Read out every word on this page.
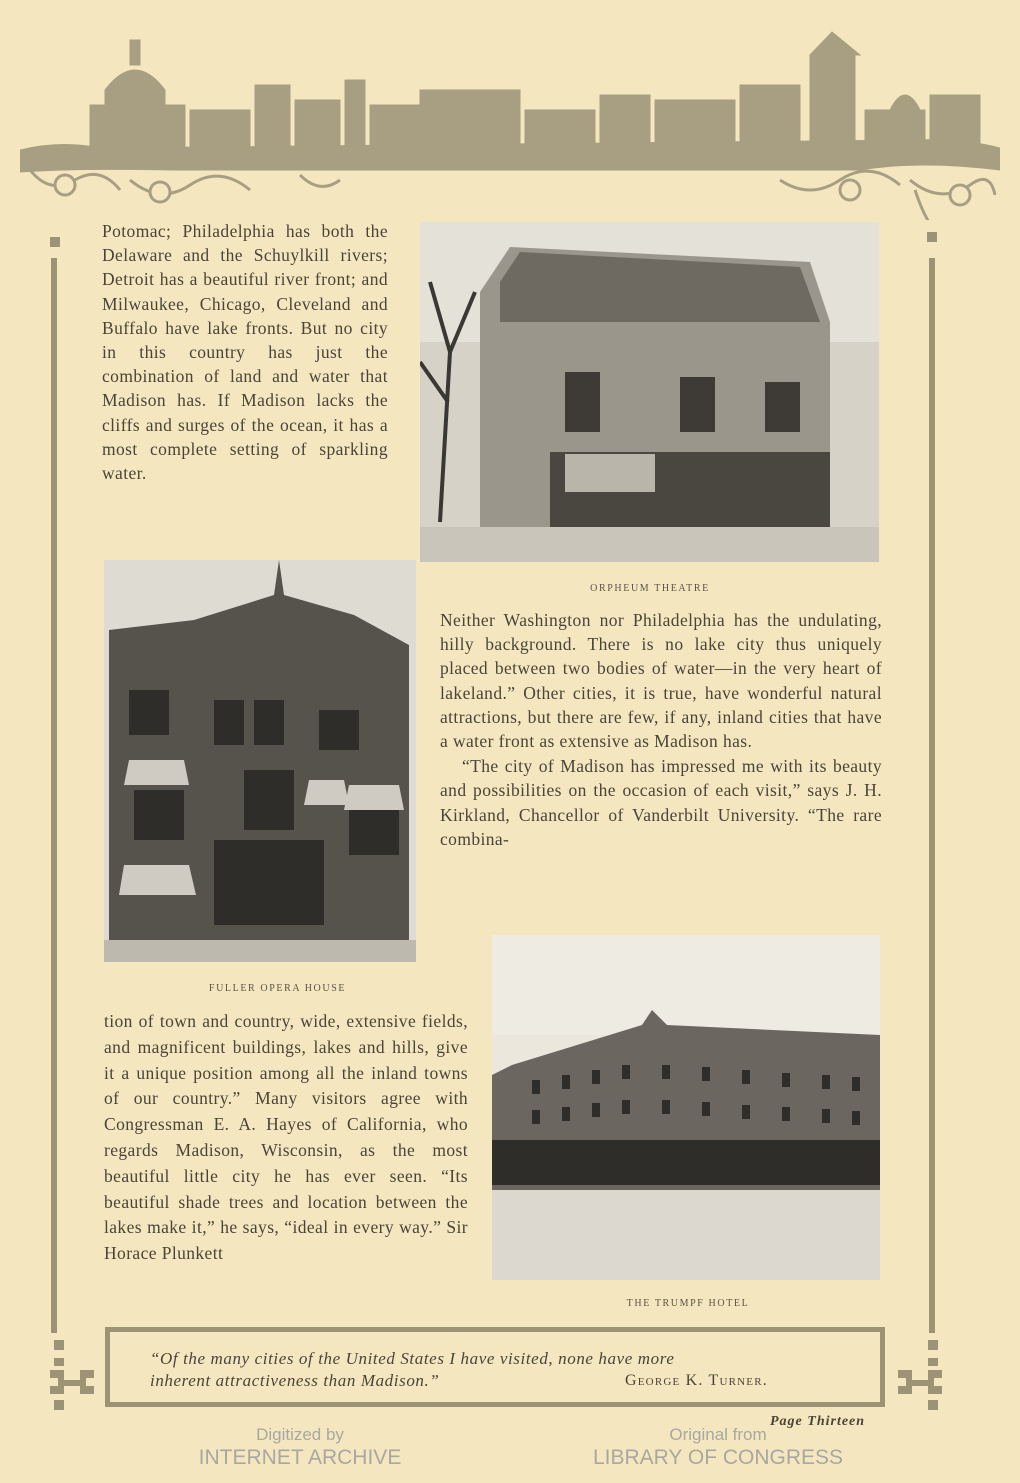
Potomac; Philadelphia has both the Delaware and the Schuylkill rivers; Detroit has a beautiful river front; and Milwaukee, Chicago, Cleveland and Buffalo have lake fronts. But no city in this country has just the combination of land and water that Madison has. If Madison lacks the cliffs and surges of the ocean, it has a most complete setting of sparkling water.

ORPHEUM THEATRE
FULLER OPERA HOUSE

Neither Washington nor Philadelphia has the undulating, hilly background. There is no lake city thus uniquely placed between two bodies of water—in the very heart of lakeland.” Other cities, it is true, have wonderful natural attractions, but there are few, if any, inland cities that have a water front as extensive as Madison has.

“The city of Madison has impressed me with its beauty and possibilities on the occasion of each visit,” says J. H. Kirkland, Chancellor of Vanderbilt University. “The rare combina-

tion of town and country, wide, extensive fields, and magnificent buildings, lakes and hills, give it a unique position among all the inland towns of our country.” Many visitors agree with Congressman E. A. Hayes of California, who regards Madison, Wisconsin, as the most beautiful little city he has ever seen. “Its beautiful shade trees and location between the lakes make it,” he says, “ideal in every way.” Sir Horace Plunkett

THE TRUMPF HOTEL
“Of the many cities of the United States I have visited, none have more
inherent attractiveness than Madison.”	George K. Turner.
Page Thirteen
Digitized by
INTERNET ARCHIVE
Original from
LIBRARY OF CONGRESS
